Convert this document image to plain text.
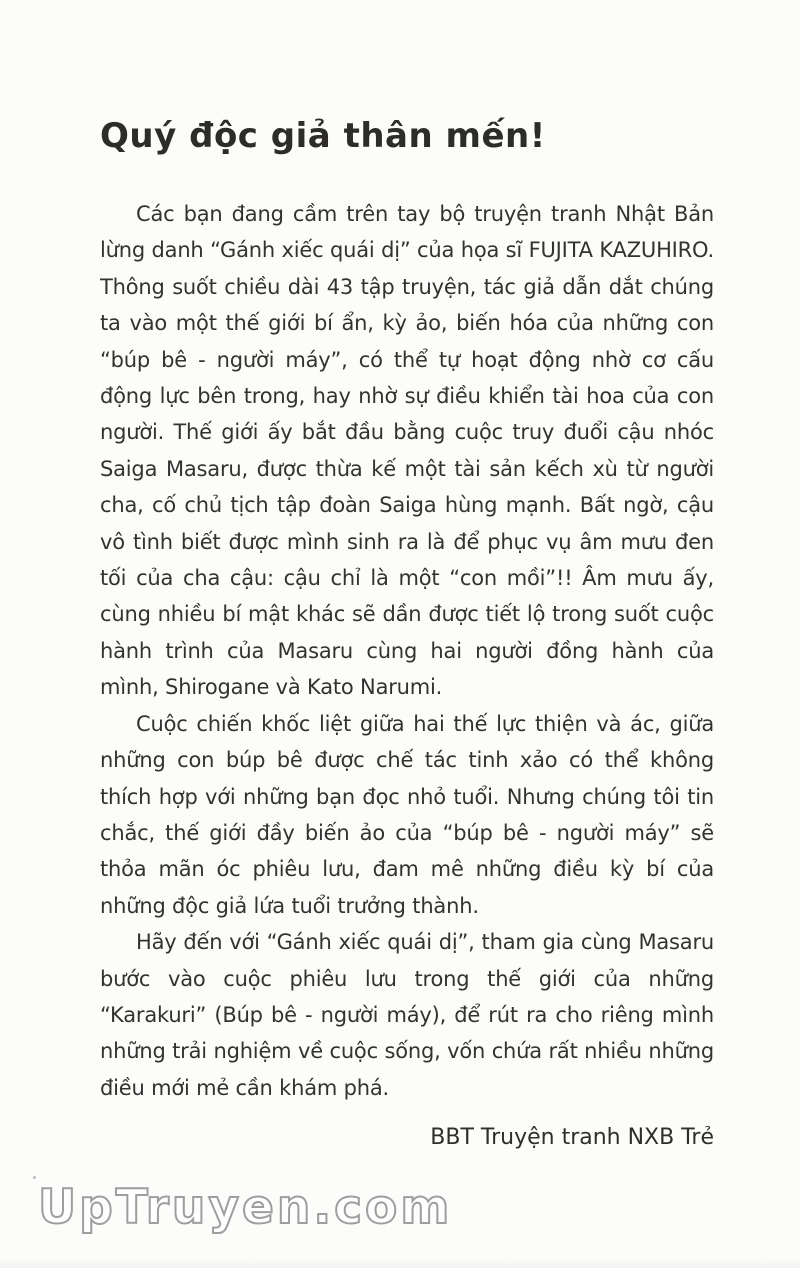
Quý độc giả thân mến!

Các bạn đang cầm trên tay bộ truyện tranh Nhật Bản lừng danh “Gánh xiếc quái dị” của họa sĩ FUJITA KAZUHIRO. Thông suốt chiều dài 43 tập truyện, tác giả dẫn dắt chúng ta vào một thế giới bí ẩn, kỳ ảo, biến hóa của những con “búp bê - người máy”, có thể tự hoạt động nhờ cơ cấu động lực bên trong, hay nhờ sự điều khiển tài hoa của con người. Thế giới ấy bắt đầu bằng cuộc truy đuổi cậu nhóc Saiga Masaru, được thừa kế một tài sản kếch xù từ người cha, cố chủ tịch tập đoàn Saiga hùng mạnh. Bất ngờ, cậu vô tình biết được mình sinh ra là để phục vụ âm mưu đen tối của cha cậu: cậu chỉ là một “con mồi”!! Âm mưu ấy, cùng nhiều bí mật khác sẽ dần được tiết lộ trong suốt cuộc hành trình của Masaru cùng hai người đồng hành của mình, Shirogane và Kato Narumi.

Cuộc chiến khốc liệt giữa hai thế lực thiện và ác, giữa những con búp bê được chế tác tinh xảo có thể không thích hợp với những bạn đọc nhỏ tuổi. Nhưng chúng tôi tin chắc, thế giới đầy biến ảo của “búp bê - người máy” sẽ thỏa mãn óc phiêu lưu, đam mê những điều kỳ bí của những độc giả lứa tuổi trưởng thành.

Hãy đến với “Gánh xiếc quái dị”, tham gia cùng Masaru bước vào cuộc phiêu lưu trong thế giới của những “Karakuri” (Búp bê - người máy), để rút ra cho riêng mình những trải nghiệm về cuộc sống, vốn chứa rất nhiều những điều mới mẻ cần khám phá.

BBT Truyện tranh NXB Trẻ
UpTruyen.com
